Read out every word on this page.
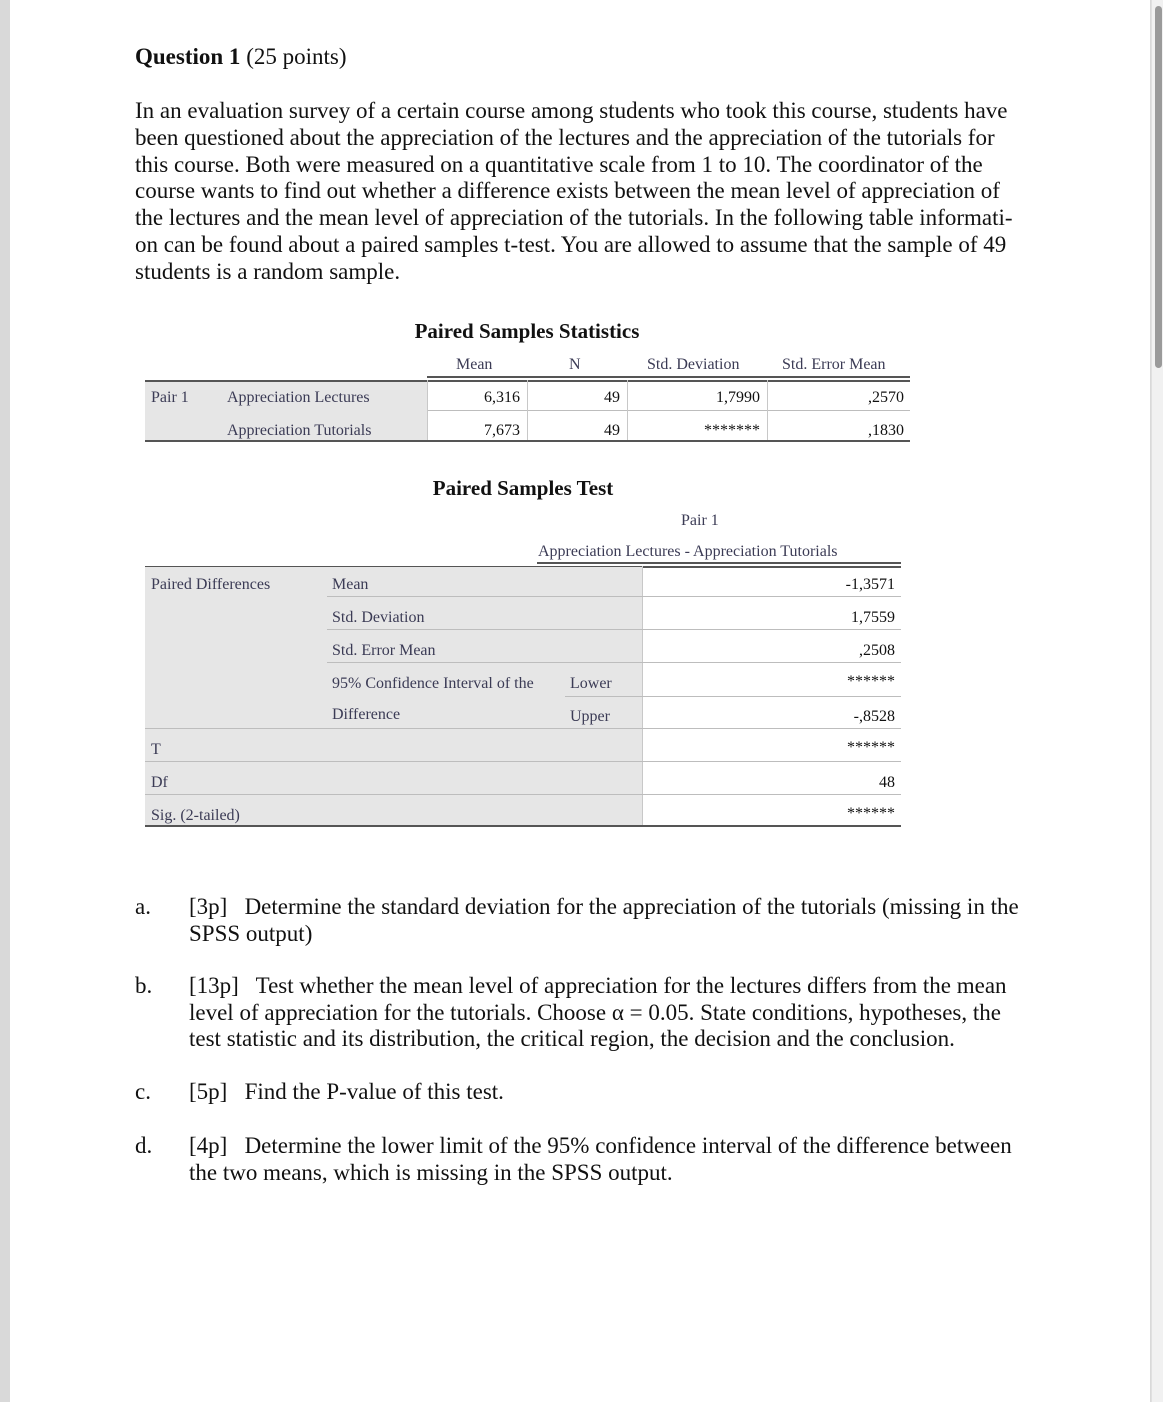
Question 1 (25 points)
In an evaluation survey of a certain course among students who took this course, students have been questioned about the appreciation of the lectures and the appreciation of the tutorials for this course. Both were measured on a quantitative scale from 1 to 10. The coordinator of the course wants to find out whether a difference exists between the mean level of appreciation of the lectures and the mean level of appreciation of the tutorials. In the following table informati- on can be found about a paired samples t-test. You are allowed to assume that the sample of 49 students is a random sample.
Paired Samples Statistics
Mean	N	Std. Deviation	Std. Error Mean
Pair 1 Appreciation Lectures	6,316	49	1,7990	,2570
Appreciation Tutorials	7,673	49	*******	,1830
Paired Samples Test
Pair 1
Appreciation Lectures - Appreciation Tutorials
Paired Differences	Mean	-1,3571
Std. Deviation	1,7559
Std. Error Mean	,2508
95% Confidence Interval of the
Difference
Lower	******
Upper	-,8528
T	******
Df	48
Sig. (2-tailed)	******
a. [3p]  Determine the standard deviation for the appreciation of the tutorials (missing in the SPSS output)
b. [13p]  Test whether the mean level of appreciation for the lectures differs from the mean level of appreciation for the tutorials. Choose α = 0.05. State conditions, hypotheses, the test statistic and its distribution, the critical region, the decision and the conclusion.
c. [5p]  Find the P-value of this test.
d. [4p]  Determine the lower limit of the 95% confidence interval of the difference between the two means, which is missing in the SPSS output.
